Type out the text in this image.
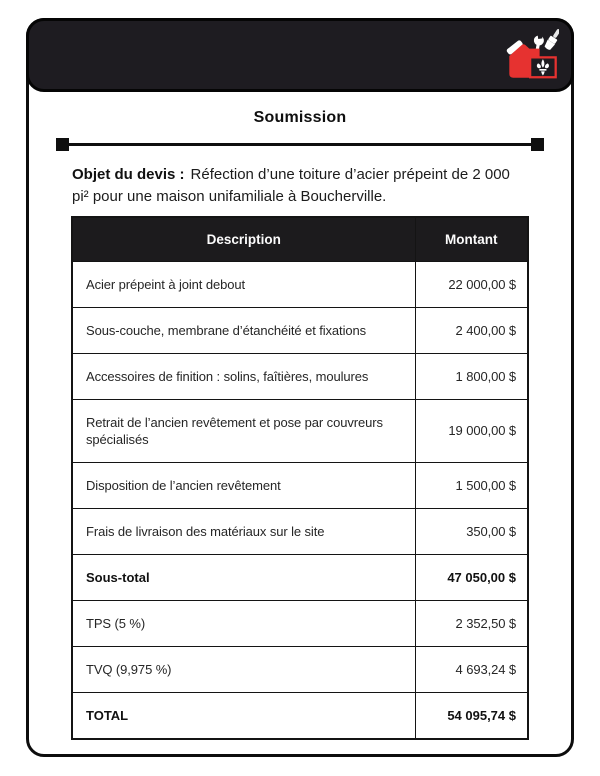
Soumission

Objet du devis : Réfection d’une toiture d’acier prépeint de 2 000 pi² pour une maison unifamiliale à Boucherville.

Description	Montant
Acier prépeint à joint debout	22 000,00 $
Sous-couche, membrane d’étanchéité et fixations	2 400,00 $
Accessoires de finition : solins, faîtières, moulures	1 800,00 $
Retrait de l’ancien revêtement et pose par couvreurs spécialisés	19 000,00 $
Disposition de l’ancien revêtement	1 500,00 $
Frais de livraison des matériaux sur le site	350,00 $
Sous-total	47 050,00 $
TPS (5 %)	2 352,50 $
TVQ (9,975 %)	4 693,24 $
TOTAL	54 095,74 $
